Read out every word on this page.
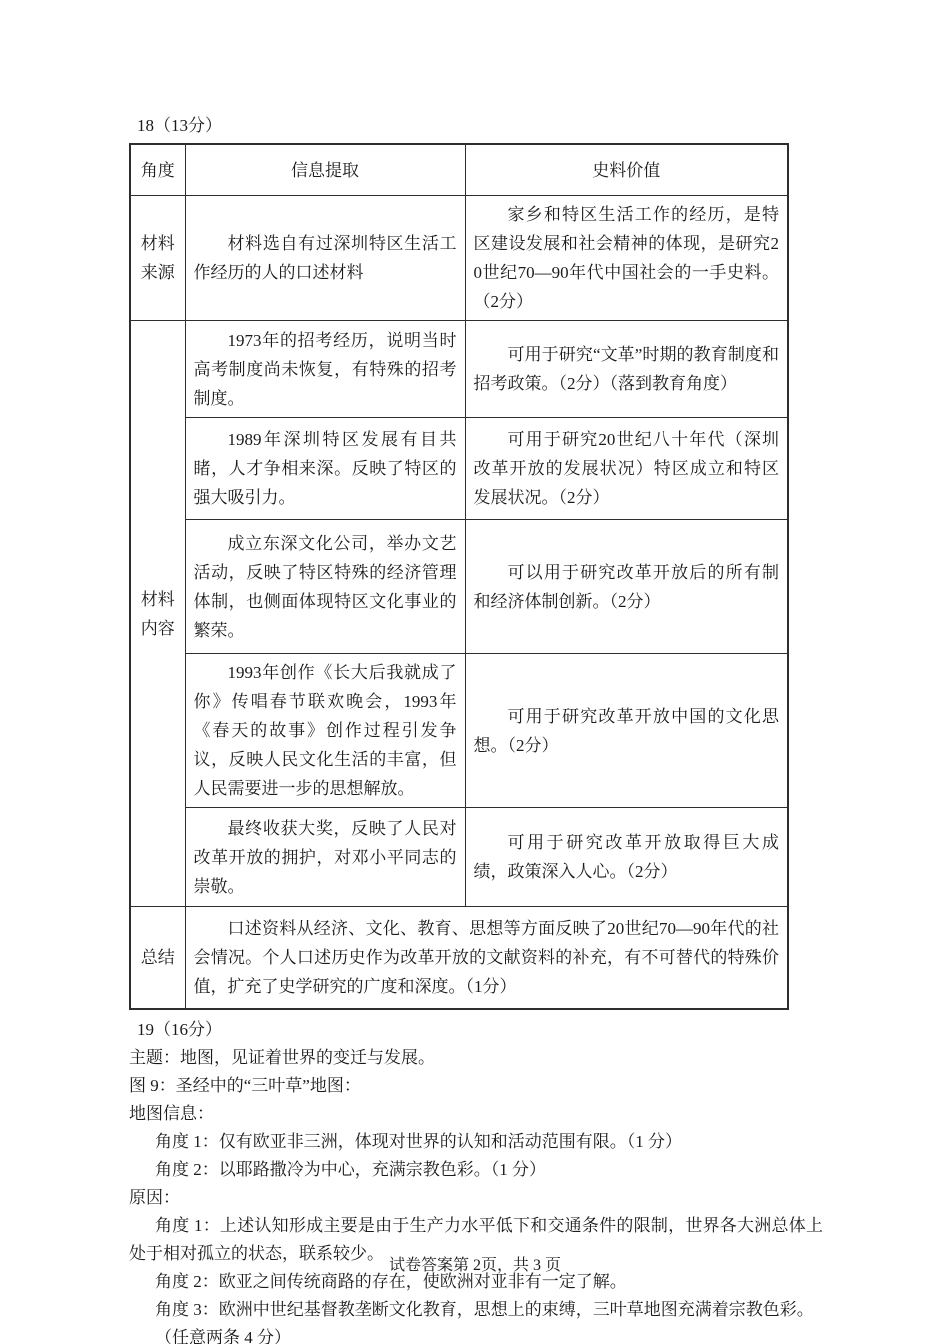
18（13分）

角度	信息提取	史料价值
材料来源	材料选自有过深圳特区生活工作经历的人的口述材料	家乡和特区生活工作的经历，是特区建设发展和社会精神的体现，是研究20世纪70—90年代中国社会的一手史料。（2分）
材料内容	1973年的招考经历，说明当时高考制度尚未恢复，有特殊的招考制度。	可用于研究“文革”时期的教育制度和招考政策。（2分）（落到教育角度）
	1989年深圳特区发展有目共睹，人才争相来深。反映了特区的强大吸引力。	可用于研究20世纪八十年代（深圳改革开放的发展状况）特区成立和特区发展状况。（2分）
	成立东深文化公司，举办文艺活动，反映了特区特殊的经济管理体制，也侧面体现特区文化事业的繁荣。	可以用于研究改革开放后的所有制和经济体制创新。（2分）
	1993年创作《长大后我就成了你》传唱春节联欢晚会，1993年《春天的故事》创作过程引发争议，反映人民文化生活的丰富，但人民需要进一步的思想解放。	可用于研究改革开放中国的文化思想。（2分）
	最终收获大奖，反映了人民对改革开放的拥护，对邓小平同志的崇敬。	可用于研究改革开放取得巨大成绩，政策深入人心。（2分）
总结	口述资料从经济、文化、教育、思想等方面反映了20世纪70—90年代的社会情况。个人口述历史作为改革开放的文献资料的补充，有不可替代的特殊价值，扩充了史学研究的广度和深度。（1分）	

19（16分）

主题：地图，见证着世界的变迁与发展。

图 9：圣经中的“三叶草”地图：

地图信息：

角度 1：仅有欧亚非三洲，体现对世界的认知和活动范围有限。（1 分）

角度 2：以耶路撒冷为中心，充满宗教色彩。（1 分）

原因：

角度 1：上述认知形成主要是由于生产力水平低下和交通条件的限制，世界各大洲总体上处于相对孤立的状态，联系较少。

角度 2：欧亚之间传统商路的存在，使欧洲对亚非有一定了解。

角度 3：欧洲中世纪基督教垄断文化教育，思想上的束缚，三叶草地图充满着宗教色彩。

（任意两条 4 分）

试卷答案第 2页，共 3 页
